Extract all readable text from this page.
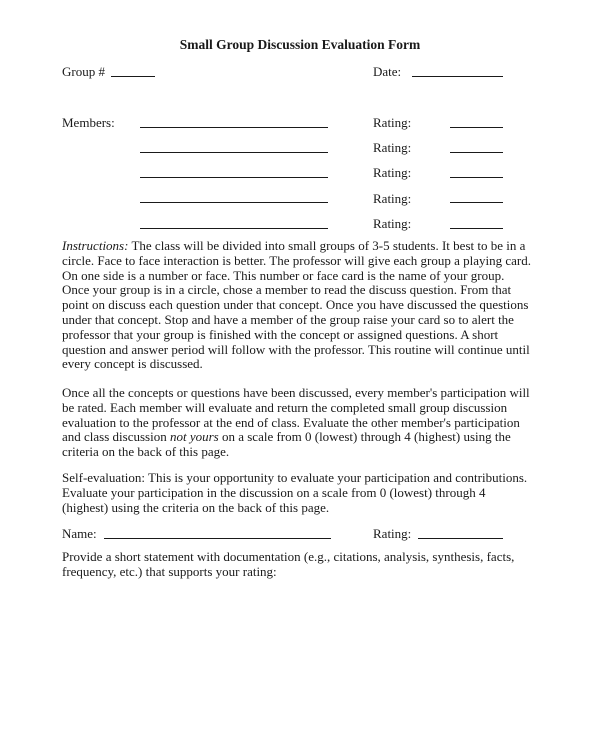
Small Group Discussion Evaluation Form
Group #	Date:
Members:	Rating:
Rating:
Rating:
Rating:
Rating:

Instructions: The class will be divided into small groups of 3-5 students. It best to be in a circle. Face to face interaction is better. The professor will give each group a playing card. On one side is a number or face. This number or face card is the name of your group. Once your group is in a circle, chose a member to read the discuss question. From that point on discuss each question under that concept. Once you have discussed the questions under that concept. Stop and have a member of the group raise your card so to alert the professor that your group is finished with the concept or assigned questions. A short question and answer period will follow with the professor. This routine will continue until every concept is discussed.

Once all the concepts or questions have been discussed, every member's participation will be rated. Each member will evaluate and return the completed small group discussion evaluation to the professor at the end of class. Evaluate the other member's participation and class discussion not yours on a scale from 0 (lowest) through 4 (highest) using the criteria on the back of this page.

Self-evaluation: This is your opportunity to evaluate your participation and contributions. Evaluate your participation in the discussion on a scale from 0 (lowest) through 4 (highest) using the criteria on the back of this page.

Name:	Rating:

Provide a short statement with documentation (e.g., citations, analysis, synthesis, facts, frequency, etc.) that supports your rating:
